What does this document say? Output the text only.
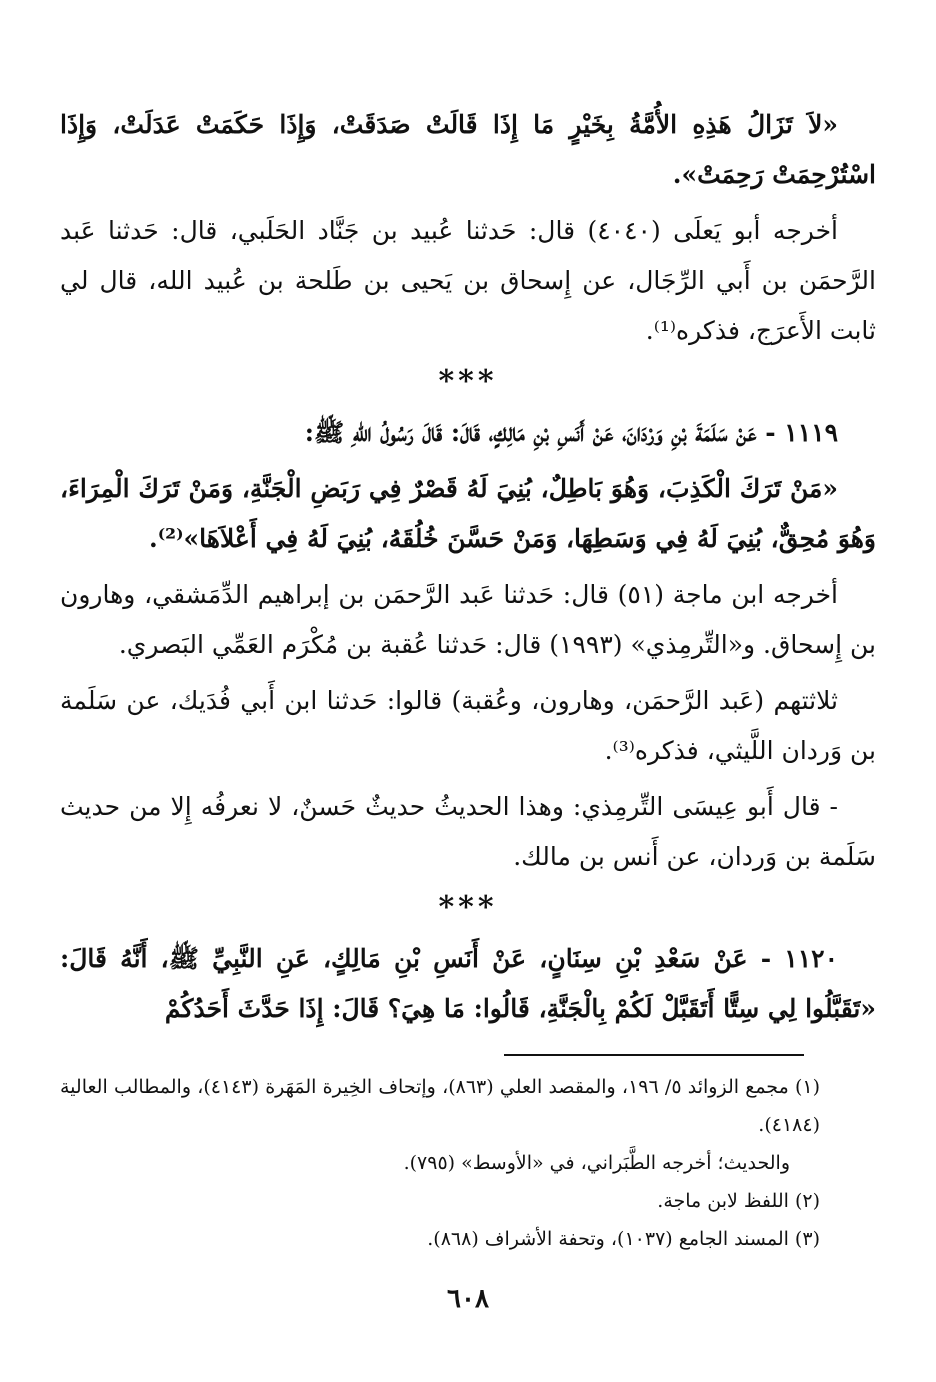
«لاَ تَزَالُ هَذِهِ الأُمَّةُ بِخَيْرٍ مَا إِذَا قَالَتْ صَدَقَتْ، وَإِذَا حَكَمَتْ عَدَلَتْ، وَإِذَا اسْتُرْحِمَتْ رَحِمَتْ».

أخرجه أبو يَعلَى (٤٠٤٠) قال: حَدثنا عُبيد بن جَنَّاد الحَلَبي، قال: حَدثنا عَبد الرَّحمَن بن أَبي الرِّجَال، عن إِسحاق بن يَحيى بن طَلحة بن عُبيد الله، قال لي ثابت الأَعرَج، فذكره⁽¹⁾.

***

١١١٩ - عَنْ سَلَمَةَ بْنِ وَرْدَانَ، عَنْ أَنَسِ بْنِ مَالِكٍ، قَالَ: قَالَ رَسُولُ اللهِ ﷺ:

«مَنْ تَرَكَ الْكَذِبَ، وَهُوَ بَاطِلٌ، بُنِيَ لَهُ قَصْرٌ فِي رَبَضِ الْجَنَّةِ، وَمَنْ تَرَكَ الْمِرَاءَ، وَهُوَ مُحِقٌّ، بُنِيَ لَهُ فِي وَسَطِهَا، وَمَنْ حَسَّنَ خُلُقَهُ، بُنِيَ لَهُ فِي أَعْلاَهَا»⁽²⁾.

أخرجه ابن ماجة (٥١) قال: حَدثنا عَبد الرَّحمَن بن إبراهيم الدِّمَشقي، وهارون بن إِسحاق. و«التِّرمِذي» (١٩٩٣) قال: حَدثنا عُقبة بن مُكْرَم العَمِّي البَصري.

ثلاثتهم (عَبد الرَّحمَن، وهارون، وعُقبة) قالوا: حَدثنا ابن أَبي فُدَيك، عن سَلَمة بن وَردان اللَّيثي، فذكره⁽³⁾.

- قال أَبو عِيسَى التِّرمِذي: وهذا الحديثُ حديثٌ حَسنٌ، لا نعرفُه إِلا من حديث سَلَمة بن وَردان، عن أَنس بن مالك.

***

١١٢٠ - عَنْ سَعْدِ بْنِ سِنَانٍ، عَنْ أَنَسِ بْنِ مَالِكٍ، عَنِ النَّبِيِّ ﷺ، أَنَّهُ قَالَ: «تَقَبَّلُوا لِي سِتًّا أَتَقَبَّلْ لَكُمْ بِالْجَنَّةِ، قَالُوا: مَا هِيَ؟ قَالَ: إِذَا حَدَّثَ أَحَدُكُمْ

(١) مجمع الزوائد ٥/ ١٩٦، والمقصد العلي (٨٦٣)، وإتحاف الخِيرة المَهَرة (٤١٤٣)، والمطالب العالية (٤١٨٤).

والحديث؛ أخرجه الطَّبَراني، في «الأوسط» (٧٩٥).

(٢) اللفظ لابن ماجة.

(٣) المسند الجامع (١٠٣٧)، وتحفة الأشراف (٨٦٨).

٦٠٨
